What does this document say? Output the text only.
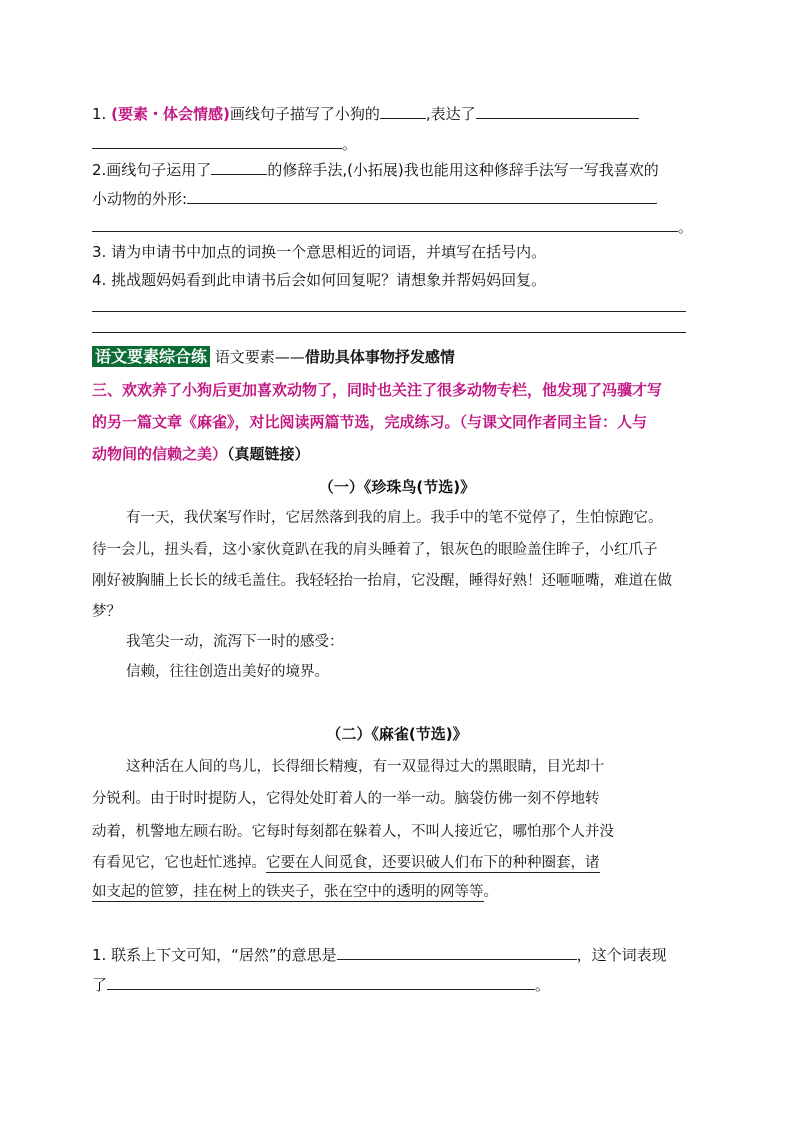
1. (要素・体会情感)画线句子描写了小狗的	,表达了
。
2.画线句子运用了	的修辞手法,(小拓展)我也能用这种修辞手法写一写我喜欢的
小动物的外形:
。
3. 请为申请书中加点的词换一个意思相近的词语，并填写在括号内。
4. 挑战题妈妈看到此申请书后会如何回复呢？请想象并帮妈妈回复。
语文要素综合练 语文要素——借助具体事物抒发感情
三、欢欢养了小狗后更加喜欢动物了，同时也关注了很多动物专栏，他发现了冯骥才写
的另一篇文章《麻雀》，对比阅读两篇节选，完成练习。（与课文同作者同主旨：人与
动物间的信赖之美）（真题链接）
（一）《珍珠鸟(节选)》
有一天，我伏案写作时，它居然落到我的肩上。我手中的笔不觉停了，生怕惊跑它。
待一会儿，扭头看，这小家伙竟趴在我的肩头睡着了，银灰色的眼睑盖住眸子，小红爪子
刚好被胸脯上长长的绒毛盖住。我轻轻抬一抬肩，它没醒，睡得好熟！还咂咂嘴，难道在做
梦？
我笔尖一动，流泻下一时的感受：
信赖，往往创造出美好的境界。
（二）《麻雀(节选)》
这种活在人间的鸟儿，长得细长精瘦，有一双显得过大的黑眼睛，目光却十
分锐利。由于时时提防人，它得处处盯着人的一举一动。脑袋仿佛一刻不停地转
动着，机警地左顾右盼。它每时每刻都在躲着人，不叫人接近它，哪怕那个人并没
有看见它，它也赶忙逃掉。它要在人间觅食，还要识破人们布下的种种圈套，诸
如支起的笸箩，挂在树上的铁夹子，张在空中的透明的网等等。
1. 联系上下文可知，“居然”的意思是	，这个词表现
了	。
